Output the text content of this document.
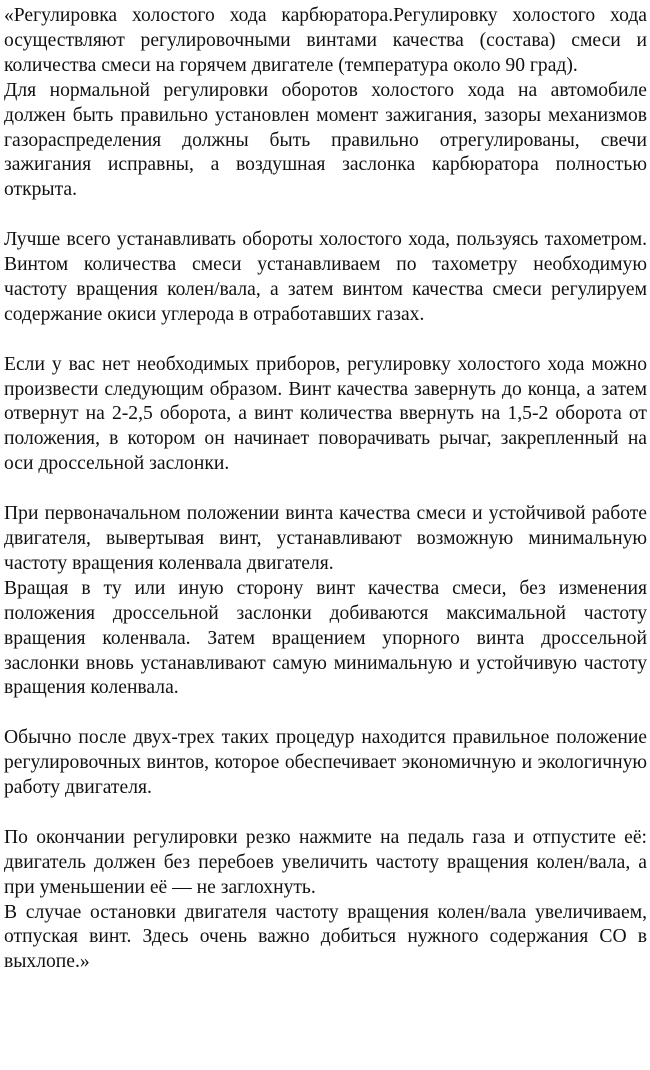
«Регулировка холостого хода карбюратора.Регулировку холостого хода осуществляют регулировочными винтами качества (состава) смеси и количества смеси на горячем двигателе (температура около 90 град).

Для нормальной регулировки оборотов холостого хода на автомобиле должен быть правильно установлен момент зажигания, зазоры механизмов газораспределения должны быть правильно отрегулированы, свечи зажигания исправны, а воздушная заслонка карбюратора полностью открыта.

Лучше всего устанавливать обороты холостого хода, пользуясь тахометром. Винтом количества смеси устанавливаем по тахометру необходимую частоту вращения колен/вала, а затем винтом качества смеси регулируем содержание окиси углерода в отработавших газах.

Если у вас нет необходимых приборов, регулировку холостого хода можно произвести следующим образом. Винт качества завернуть до конца, а затем отвернут на 2-2,5 оборота, а винт количества ввернуть на 1,5-2 оборота от положения, в котором он начинает поворачивать рычаг, закрепленный на оси дроссельной заслонки.

При первоначальном положении винта качества смеси и устойчивой работе двигателя, вывертывая винт, устанавливают возможную минимальную частоту вращения коленвала двигателя.

Вращая в ту или иную сторону винт качества смеси, без изменения положения дроссельной заслонки добиваются максимальной частоту вращения коленвала. Затем вращением упорного винта дроссельной заслонки вновь устанавливают самую минимальную и устойчивую частоту вращения коленвала.

Обычно после двух-трех таких процедур находится правильное положение регулировочных винтов, которое обеспечивает экономичную и экологичную работу двигателя.

По окончании регулировки резко нажмите на педаль газа и отпустите её: двигатель должен без перебоев увеличить частоту вращения колен/вала, а при уменьшении её — не заглохнуть.

В случае остановки двигателя частоту вращения колен/вала увеличиваем, отпуская винт. Здесь очень важно добиться нужного содержания CO в выхлопе.»
